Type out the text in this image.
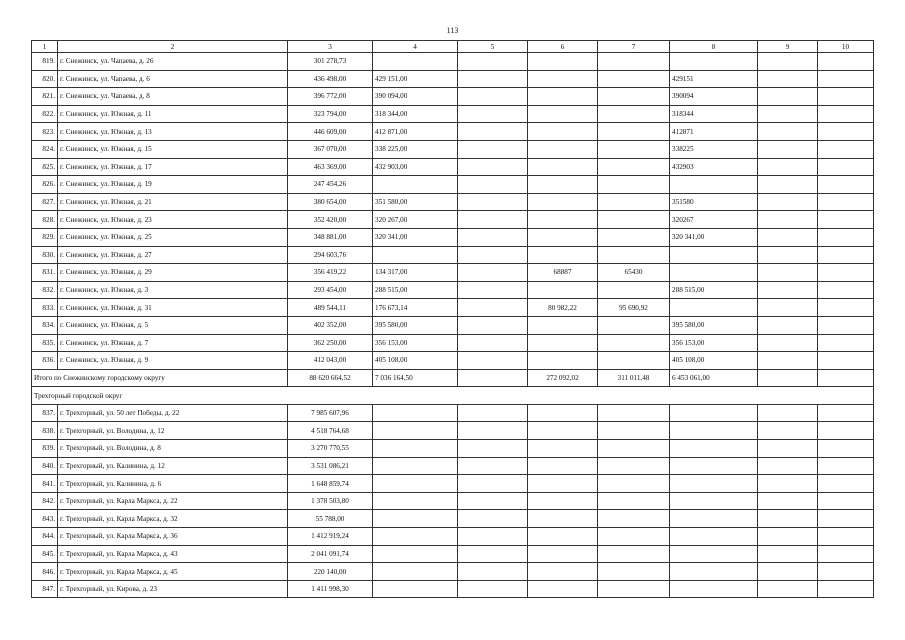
113
1	2	3	4	5	6	7	8	9	10
819.	г. Снежинск, ул. Чапаева, д. 26	301 278,73							
820.	г. Снежинск, ул. Чапаева, д. 6	436 498,00	429 151,00				429151		
821.	г. Снежинск, ул. Чапаева, д. 8	396 772,00	390 094,00				390094		
822.	г. Снежинск, ул. Южная, д. 11	323 794,00	318 344,00				318344		
823.	г. Снежинск, ул. Южная, д. 13	446 609,00	412 871,00				412871		
824.	г. Снежинск, ул. Южная, д. 15	367 070,00	338 225,00				338225		
825.	г. Снежинск, ул. Южная, д. 17	463 369,00	432 903,00				432903		
826.	г. Снежинск, ул. Южная, д. 19	247 454,26							
827.	г. Снежинск, ул. Южная, д. 21	380 654,00	351 580,00				351580		
828.	г. Снежинск, ул. Южная, д. 23	352 420,00	320 267,00				320267		
829.	г. Снежинск, ул. Южная, д. 25	348 881,00	320 341,00				320 341,00		
830.	г. Снежинск, ул. Южная, д. 27	294 603,76							
831.	г. Снежинск, ул. Южная, д. 29	356 419,22	134 317,00		68887	65430			
832.	г. Снежинск, ул. Южная, д. 3	293 454,00	288 515,00				288 515,00		
833.	г. Снежинск, ул. Южная, д. 31	489 544,11	176 673,14		80 982,22	95 690,92			
834.	г. Снежинск, ул. Южная, д. 5	402 352,00	395 580,00				395 580,00		
835.	г. Снежинск, ул. Южная, д. 7	362 250,00	356 153,00				356 153,00		
836.	г. Снежинск, ул. Южная, д. 9	412 043,00	405 108,00				405 108,00		
Итого по Снежинскому городскому округу		88 620 664,52	7 036 164,50		272 092,02	311 011,48	6 453 061,00		
Трехгорный городской округ									
837.	г. Трехгорный, ул. 50 лет Победы, д. 22	7 985 607,96							
838.	г. Трехгорный, ул. Володина, д. 12	4 518 764,68							
839.	г. Трехгорный, ул. Володина, д. 8	3 270 770,55							
840.	г. Трехгорный, ул. Калинина, д. 12	3 531 086,21							
841.	г. Трехгорный, ул. Калинина, д. 6	1 648 859,74							
842.	г. Трехгорный, ул. Карла Маркса, д. 22	1 378 503,80							
843.	г. Трехгорный, ул. Карла Маркса, д. 32	55 788,00							
844.	г. Трехгорный, ул. Карла Маркса, д. 36	1 412 919,24							
845.	г. Трехгорный, ул. Карла Маркса, д. 43	2 041 091,74							
846.	г. Трехгорный, ул. Карла Маркса, д. 45	220 140,00							
847.	г. Трехгорный, ул. Кирова, д. 23	1 411 998,30							
